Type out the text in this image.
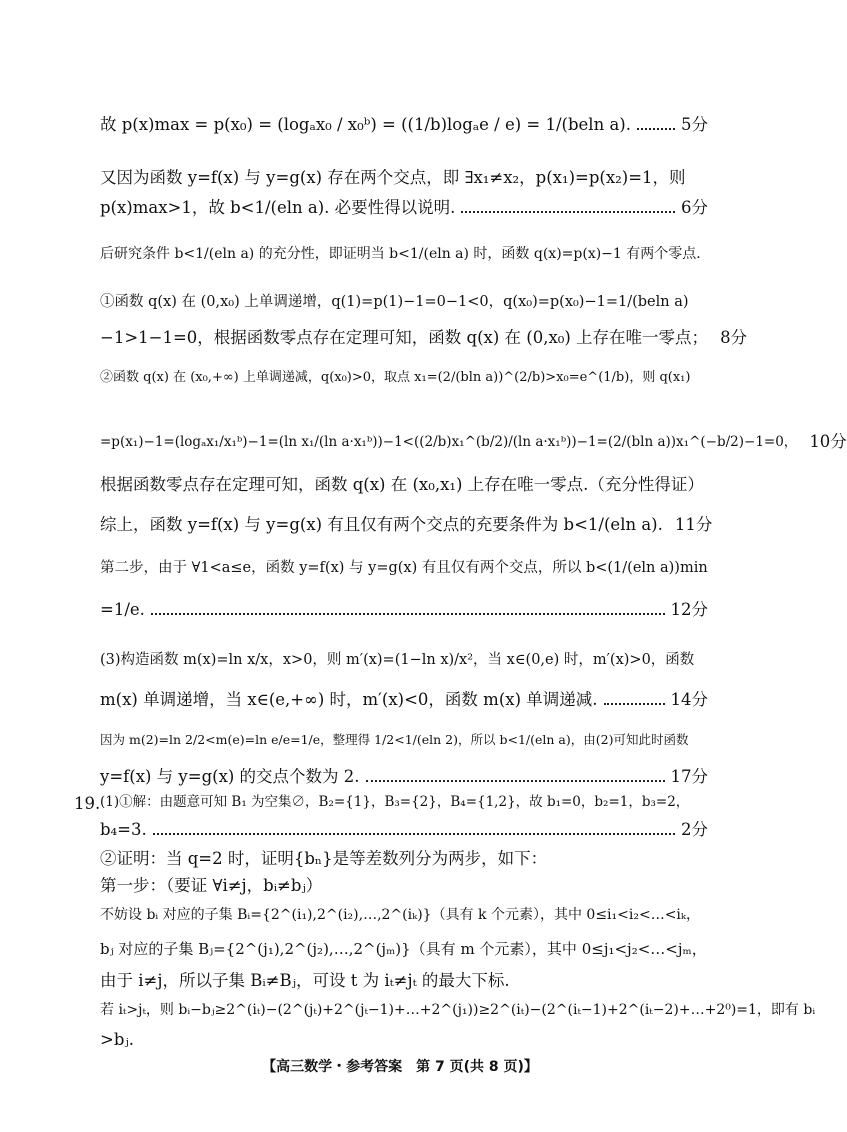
故 p(x)max = p(x₀) = (logₐx₀ / x₀ᵇ) = ((1/b)logₐe / e) = 1/(beln a).	5分
又因为函数 y=f(x) 与 y=g(x) 存在两个交点，即 ∃x₁≠x₂，p(x₁)=p(x₂)=1，则
p(x)max>1，故 b<1/(eln a). 必要性得以说明.	6分
后研究条件 b<1/(eln a) 的充分性，即证明当 b<1/(eln a) 时，函数 q(x)=p(x)−1 有两个零点.
①函数 q(x) 在 (0,x₀) 上单调递增，q(1)=p(1)−1=0−1<0，q(x₀)=p(x₀)−1=1/(beln a)
−1>1−1=0，根据函数零点存在定理可知，函数 q(x) 在 (0,x₀) 上存在唯一零点； 8分
②函数 q(x) 在 (x₀,+∞) 上单调递减，q(x₀)>0，取点 x₁=(2/(bln a))^(2/b)>x₀=e^(1/b)，则 q(x₁)
=p(x₁)−1=(logₐx₁/x₁ᵇ)−1=(ln x₁/(ln a·x₁ᵇ))−1<((2/b)x₁^(b/2)/(ln a·x₁ᵇ))−1=(2/(bln a))x₁^(−b/2)−1=0， 10分
根据函数零点存在定理可知，函数 q(x) 在 (x₀,x₁) 上存在唯一零点.（充分性得证）
综上，函数 y=f(x) 与 y=g(x) 有且仅有两个交点的充要条件为 b<1/(eln a). 11分
第二步，由于 ∀1<a≤e，函数 y=f(x) 与 y=g(x) 有且仅有两个交点，所以 b<(1/(eln a))min
=1/e.	12分
(3)构造函数 m(x)=ln x/x，x>0，则 m′(x)=(1−ln x)/x²，当 x∈(0,e) 时，m′(x)>0，函数
m(x) 单调递增，当 x∈(e,+∞) 时，m′(x)<0，函数 m(x) 单调递减.	14分
因为 m(2)=ln 2/2<m(e)=ln e/e=1/e，整理得 1/2<1/(eln 2)，所以 b<1/(eln a)，由(2)可知此时函数
y=f(x) 与 y=g(x) 的交点个数为 2.	17分
19. (1)①解：由题意可知 B₁ 为空集∅，B₂={1}，B₃={2}，B₄={1,2}，故 b₁=0，b₂=1，b₃=2，
b₄=3.	2分
②证明：当 q=2 时，证明{bₙ}是等差数列分为两步，如下：
第一步：（要证 ∀i≠j，bᵢ≠bⱼ）
不妨设 bᵢ 对应的子集 Bᵢ={2^(i₁),2^(i₂),…,2^(iₖ)}（具有 k 个元素），其中 0≤i₁<i₂<…<iₖ，
bⱼ 对应的子集 Bⱼ={2^(j₁),2^(j₂),…,2^(jₘ)}（具有 m 个元素），其中 0≤j₁<j₂<…<jₘ，
由于 i≠j，所以子集 Bᵢ≠Bⱼ，可设 t 为 iₜ≠jₜ 的最大下标.
若 iₜ>jₜ，则 bᵢ−bⱼ≥2^(iₜ)−(2^(jₜ)+2^(jₜ−1)+…+2^(j₁))≥2^(iₜ)−(2^(iₜ−1)+2^(iₜ−2)+…+2⁰)=1，即有 bᵢ
>bⱼ.
【高三数学・参考答案　第 7 页(共 8 页)】
